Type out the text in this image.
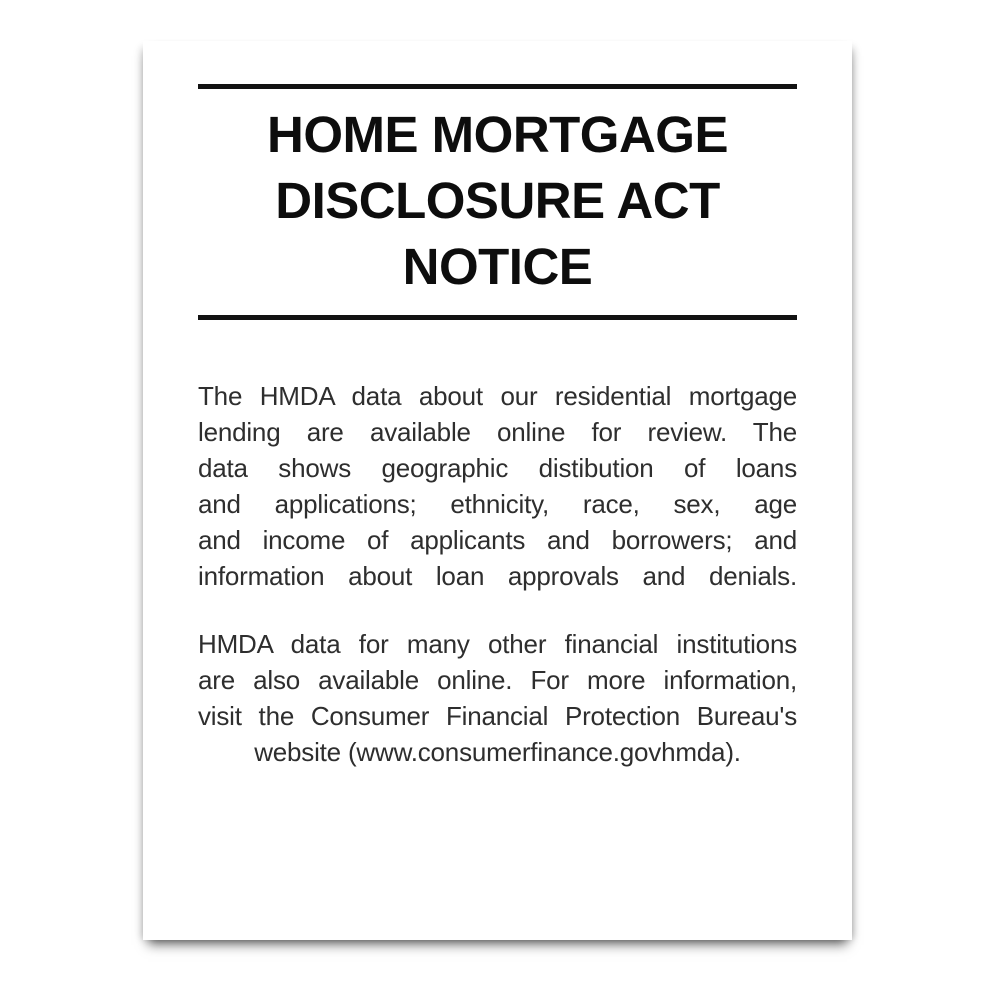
HOME MORTGAGE
DISCLOSURE ACT
NOTICE
The HMDA data about our residential mortgage
lending are available online for review. The
data shows geographic distibution of loans
and applications; ethnicity, race, sex, age
and income of applicants and borrowers; and
information about loan approvals and denials.
HMDA data for many other financial institutions
are also available online. For more information,
visit the Consumer Financial Protection Bureau's
website (www.consumerfinance.govhmda).
